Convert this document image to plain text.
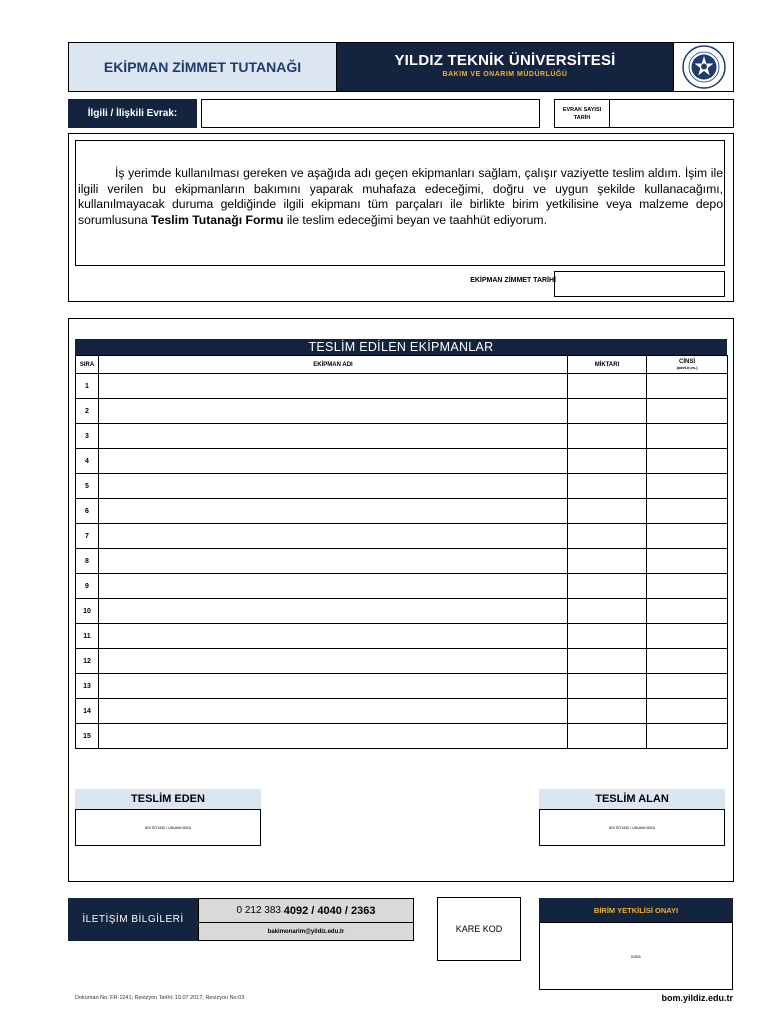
EKİPMAN ZİMMET TUTANAĞI	YILDIZ TEKNİK ÜNİVERSİTESİ
BAKIM VE ONARIM MÜDÜRLÜĞÜ
İlgili / İlişkili Evrak:	EVRAK SAYISI
TARİH
İş yerimde kullanılması gereken ve aşağıda adı geçen ekipmanları sağlam, çalışır vaziyette teslim aldım. İşim ile ilgili verilen bu ekipmanların bakımını yaparak muhafaza edeceğimi, doğru ve uygun şekilde kullanacağımı, kullanılmayacak duruma geldiğinde ilgili ekipmanı tüm parçaları ile birlikte birim yetkilisine veya malzeme depo sorumlusuna Teslim Tutanağı Formu ile teslim edeceğimi beyan ve taahhüt ediyorum.
EKİPMAN ZİMMET TARİHİ
TESLİM EDİLEN EKİPMANLAR
SIRA	EKİPMAN ADI	MİKTARI	CİNSİ
(adet,lt,vs.)

1			
2			
3			
4			
5			
6			
7			
8			
9			
10			
11			
12			
13			
14			
15			
TESLİM EDEN
ADI SOYADI / UNVANI İMZA
TESLİM ALAN
ADI SOYADI / UNVANI İMZA
İLETİŞİM BİLGİLERİ
0 212 383
4092 / 4040 / 2363
bakimonarim@yildiz.edu.tr	KARE KOD
BİRİM YETKİLİSİ ONAYI
İMZA
Doküman No: FR-1241; Revizyon Tarihi: 19.07.2017; Revizyon No:03	bom.yildiz.edu.tr
